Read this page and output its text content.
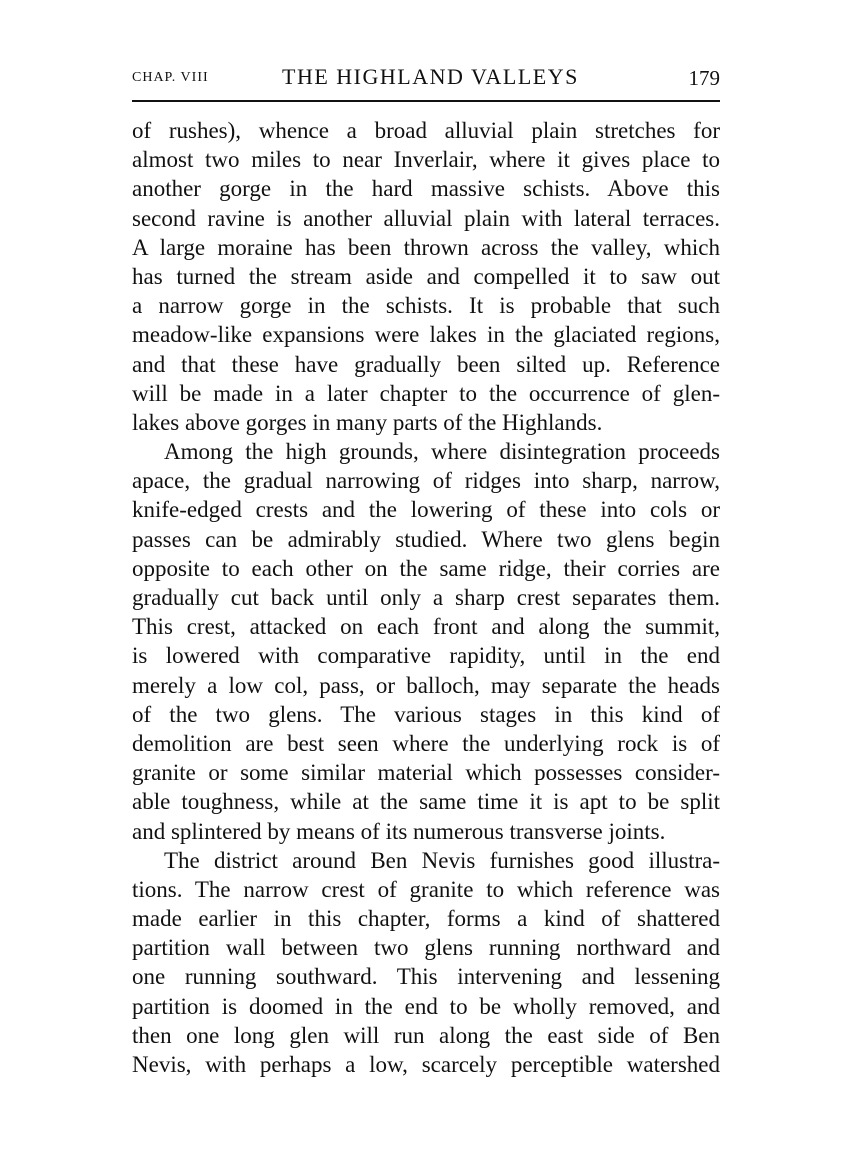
CHAP. VIII	THE HIGHLAND VALLEYS	179
of rushes), whence a broad alluvial plain stretches for
almost two miles to near Inverlair, where it gives place to
another gorge in the hard massive schists. Above this
second ravine is another alluvial plain with lateral terraces.
A large moraine has been thrown across the valley, which
has turned the stream aside and compelled it to saw out
a narrow gorge in the schists. It is probable that such
meadow-like expansions were lakes in the glaciated regions,
and that these have gradually been silted up. Reference
will be made in a later chapter to the occurrence of glen-
lakes above gorges in many parts of the Highlands.
Among the high grounds, where disintegration proceeds
apace, the gradual narrowing of ridges into sharp, narrow,
knife-edged crests and the lowering of these into cols or
passes can be admirably studied. Where two glens begin
opposite to each other on the same ridge, their corries are
gradually cut back until only a sharp crest separates them.
This crest, attacked on each front and along the summit,
is lowered with comparative rapidity, until in the end
merely a low col, pass, or balloch, may separate the heads
of the two glens. The various stages in this kind of
demolition are best seen where the underlying rock is of
granite or some similar material which possesses consider-
able toughness, while at the same time it is apt to be split
and splintered by means of its numerous transverse joints.
The district around Ben Nevis furnishes good illustra-
tions. The narrow crest of granite to which reference was
made earlier in this chapter, forms a kind of shattered
partition wall between two glens running northward and
one running southward. This intervening and lessening
partition is doomed in the end to be wholly removed, and
then one long glen will run along the east side of Ben
Nevis, with perhaps a low, scarcely perceptible watershed
